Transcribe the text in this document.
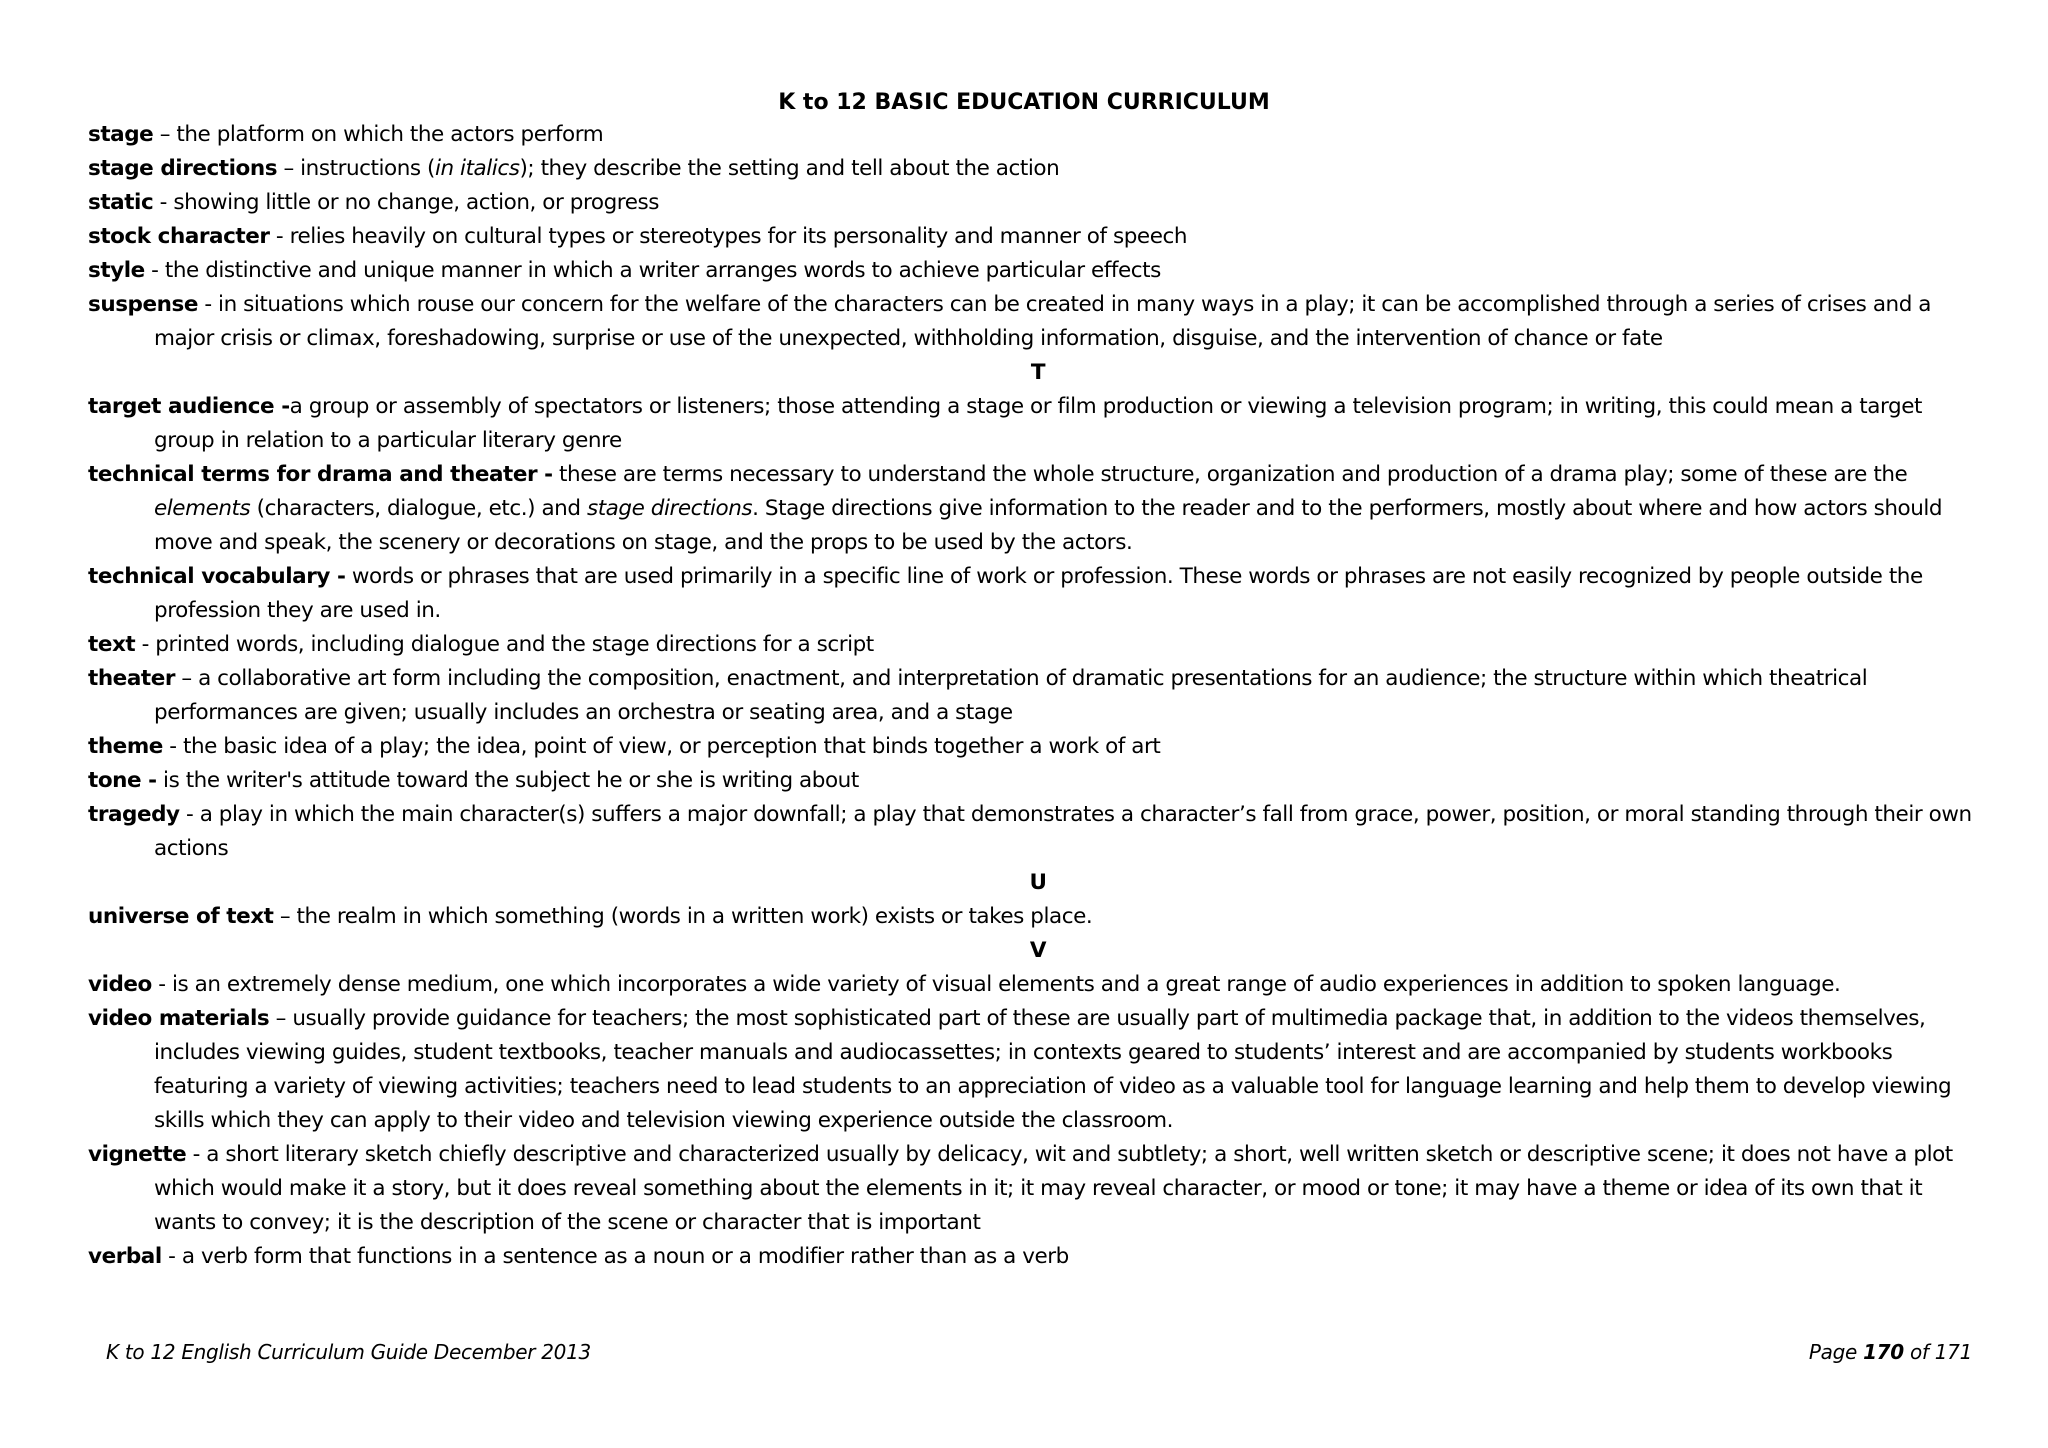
K to 12 BASIC EDUCATION CURRICULUM

stage – the platform on which the actors perform

stage directions – instructions (in italics); they describe the setting and tell about the action

static - showing little or no change, action, or progress

stock character - relies heavily on cultural types or stereotypes for its personality and manner of speech

style - the distinctive and unique manner in which a writer arranges words to achieve particular effects

suspense - in situations which rouse our concern for the welfare of the characters can be created in many ways in a play; it can be accomplished through a series of crises and a major crisis or climax, foreshadowing, surprise or use of the unexpected, withholding information, disguise, and the intervention of chance or fate

T

target audience -a group or assembly of spectators or listeners; those attending a stage or film production or viewing a television program; in writing, this could mean a target group in relation to a particular literary genre

technical terms for drama and theater - these are terms necessary to understand the whole structure, organization and production of a drama play; some of these are the elements (characters, dialogue, etc.) and stage directions. Stage directions give information to the reader and to the performers, mostly about where and how actors should move and speak, the scenery or decorations on stage, and the props to be used by the actors.

technical vocabulary - words or phrases that are used primarily in a specific line of work or profession. These words or phrases are not easily recognized by people outside the profession they are used in.

text - printed words, including dialogue and the stage directions for a script

theater – a collaborative art form including the composition, enactment, and interpretation of dramatic presentations for an audience; the structure within which theatrical performances are given; usually includes an orchestra or seating area, and a stage

theme - the basic idea of a play; the idea, point of view, or perception that binds together a work of art

tone - is the writer's attitude toward the subject he or she is writing about

tragedy - a play in which the main character(s) suffers a major downfall; a play that demonstrates a character’s fall from grace, power, position, or moral standing through their own actions

U

universe of text – the realm in which something (words in a written work) exists or takes place.

V

video - is an extremely dense medium, one which incorporates a wide variety of visual elements and a great range of audio experiences in addition to spoken language.

video materials – usually provide guidance for teachers; the most sophisticated part of these are usually part of multimedia package that, in addition to the videos themselves, includes viewing guides, student textbooks, teacher manuals and audiocassettes; in contexts geared to students’ interest and are accompanied by students workbooks featuring a variety of viewing activities; teachers need to lead students to an appreciation of video as a valuable tool for language learning and help them to develop viewing skills which they can apply to their video and television viewing experience outside the classroom.

vignette - a short literary sketch chiefly descriptive and characterized usually by delicacy, wit and subtlety; a short, well written sketch or descriptive scene; it does not have a plot which would make it a story, but it does reveal something about the elements in it; it may reveal character, or mood or tone; it may have a theme or idea of its own that it wants to convey; it is the description of the scene or character that is important

verbal - a verb form that functions in a sentence as a noun or a modifier rather than as a verb

K to 12 English Curriculum Guide December 2013	Page 170 of 171
